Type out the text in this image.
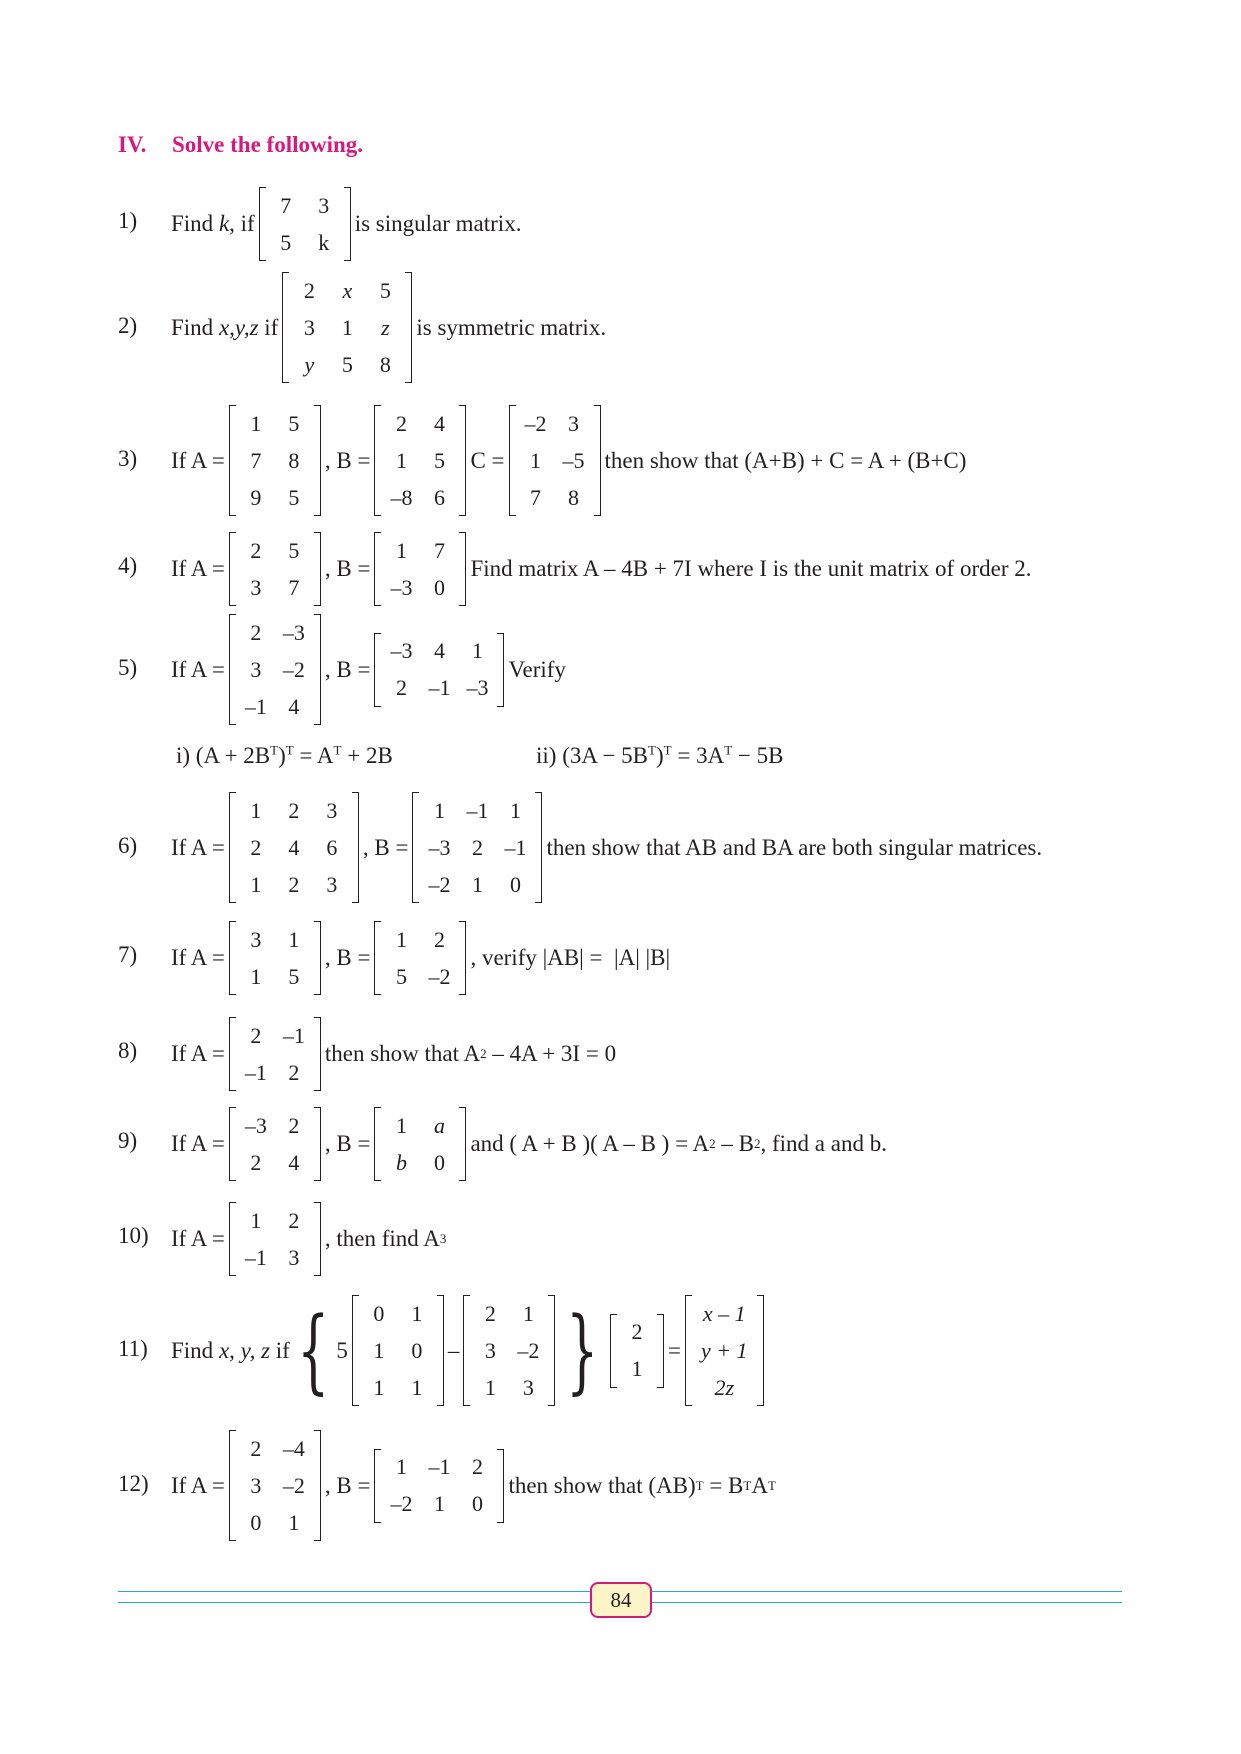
IV. Solve the following.
1) Find k , if
7	3
5	k
is singular matrix.
2) Find x,y,z if
2	x	5
3	1	z
y	5	8
is symmetric matrix.
3) If A =
1	5
7	8
9	5
, B =
2	4
1	5
–8	6
C =
–2	3
1	–5
7	8
then show that (A+B) + C = A + (B+C)
4) If A =
2	5
3	7
, B =
1	7
–3	0
Find matrix A – 4B + 7I where I is the unit matrix of order 2.
5) If A =
2	–3
3	–2
–1	4
, B =
–3	4	1
2	–1	–3
Verify
i) $(A + 2B^T)^T = A^T + 2B$	ii) $(3A - 5B^T)^T = 3A^T - 5B$
6) If A =
1	2	3
2	4	6
1	2	3
, B =
1	–1	1
–3	2	–1
–2	1	0
then show that AB and BA are both singular matrices.
7) If A =
3	1
1	5
, B =
1	2
5	–2
, verify |AB| =  |A| |B|
8) If A =
2	–1
–1	2
then show that A 2 – 4A + 3I = 0
9) If A =
–3	2
2	4
, B =
1	a
b	0
and ( A + B )( A – B ) = A 2 – B 2 , find a and b.
10) If A =
1	2
–1	3
, then find A 3
11) Find x, y, z if { 5
0	1
1	0
1	1
–
2	1
3	–2
1	3 } 2
1
=
x – 1
y + 1
2z
12) If A =
2	–4
3	–2
0	1
, B =
1	–1	2
–2	1	0
then show that (AB) T = B T A T
84
